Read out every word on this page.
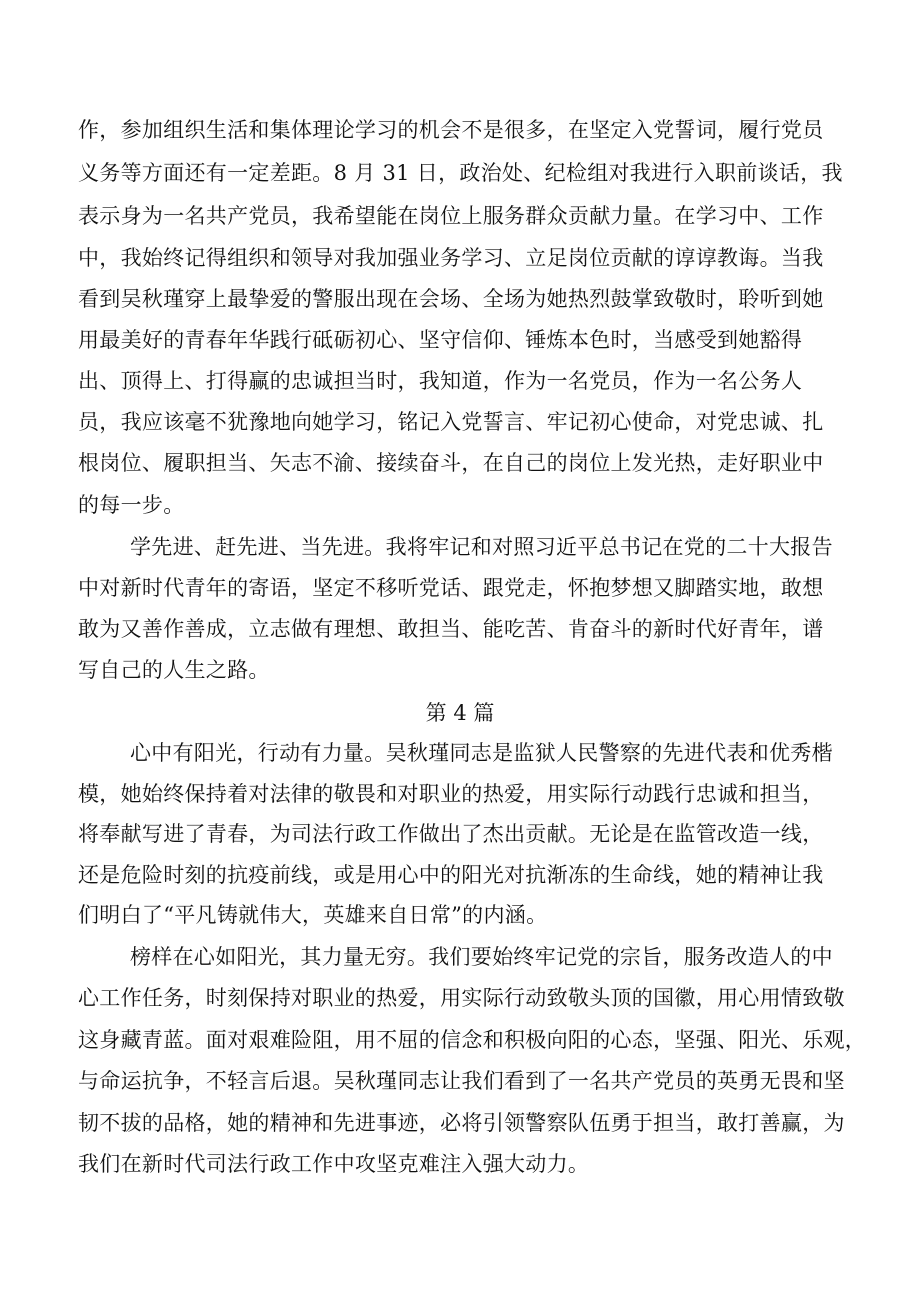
作，参加组织生活和集体理论学习的机会不是很多，在坚定入党誓词，履行党员
义务等方面还有一定差距。8 月 31 日，政治处、纪检组对我进行入职前谈话，我
表示身为一名共产党员，我希望能在岗位上服务群众贡献力量。在学习中、工作
中，我始终记得组织和领导对我加强业务学习、立足岗位贡献的谆谆教诲。当我
看到吴秋瑾穿上最挚爱的警服出现在会场、全场为她热烈鼓掌致敬时，聆听到她
用最美好的青春年华践行砥砺初心、坚守信仰、锤炼本色时，当感受到她豁得
出、顶得上、打得赢的忠诚担当时，我知道，作为一名党员，作为一名公务人
员，我应该毫不犹豫地向她学习，铭记入党誓言、牢记初心使命，对党忠诚、扎
根岗位、履职担当、矢志不渝、接续奋斗，在自己的岗位上发光热，走好职业中
的每一步。
学先进、赶先进、当先进。我将牢记和对照习近平总书记在党的二十大报告
中对新时代青年的寄语，坚定不移听党话、跟党走，怀抱梦想又脚踏实地，敢想
敢为又善作善成，立志做有理想、敢担当、能吃苦、肯奋斗的新时代好青年，谱
写自己的人生之路。
第 4 篇
心中有阳光，行动有力量。吴秋瑾同志是监狱人民警察的先进代表和优秀楷
模，她始终保持着对法律的敬畏和对职业的热爱，用实际行动践行忠诚和担当，
将奉献写进了青春，为司法行政工作做出了杰出贡献。无论是在监管改造一线，
还是危险时刻的抗疫前线，或是用心中的阳光对抗渐冻的生命线，她的精神让我
们明白了“平凡铸就伟大，英雄来自日常”的内涵。
榜样在心如阳光，其力量无穷。我们要始终牢记党的宗旨，服务改造人的中
心工作任务，时刻保持对职业的热爱，用实际行动致敬头顶的国徽，用心用情致敬
这身藏青蓝。面对艰难险阻，用不屈的信念和积极向阳的心态，坚强、阳光、乐观，
与命运抗争，不轻言后退。吴秋瑾同志让我们看到了一名共产党员的英勇无畏和坚
韧不拔的品格，她的精神和先进事迹，必将引领警察队伍勇于担当，敢打善赢，为
我们在新时代司法行政工作中攻坚克难注入强大动力。
